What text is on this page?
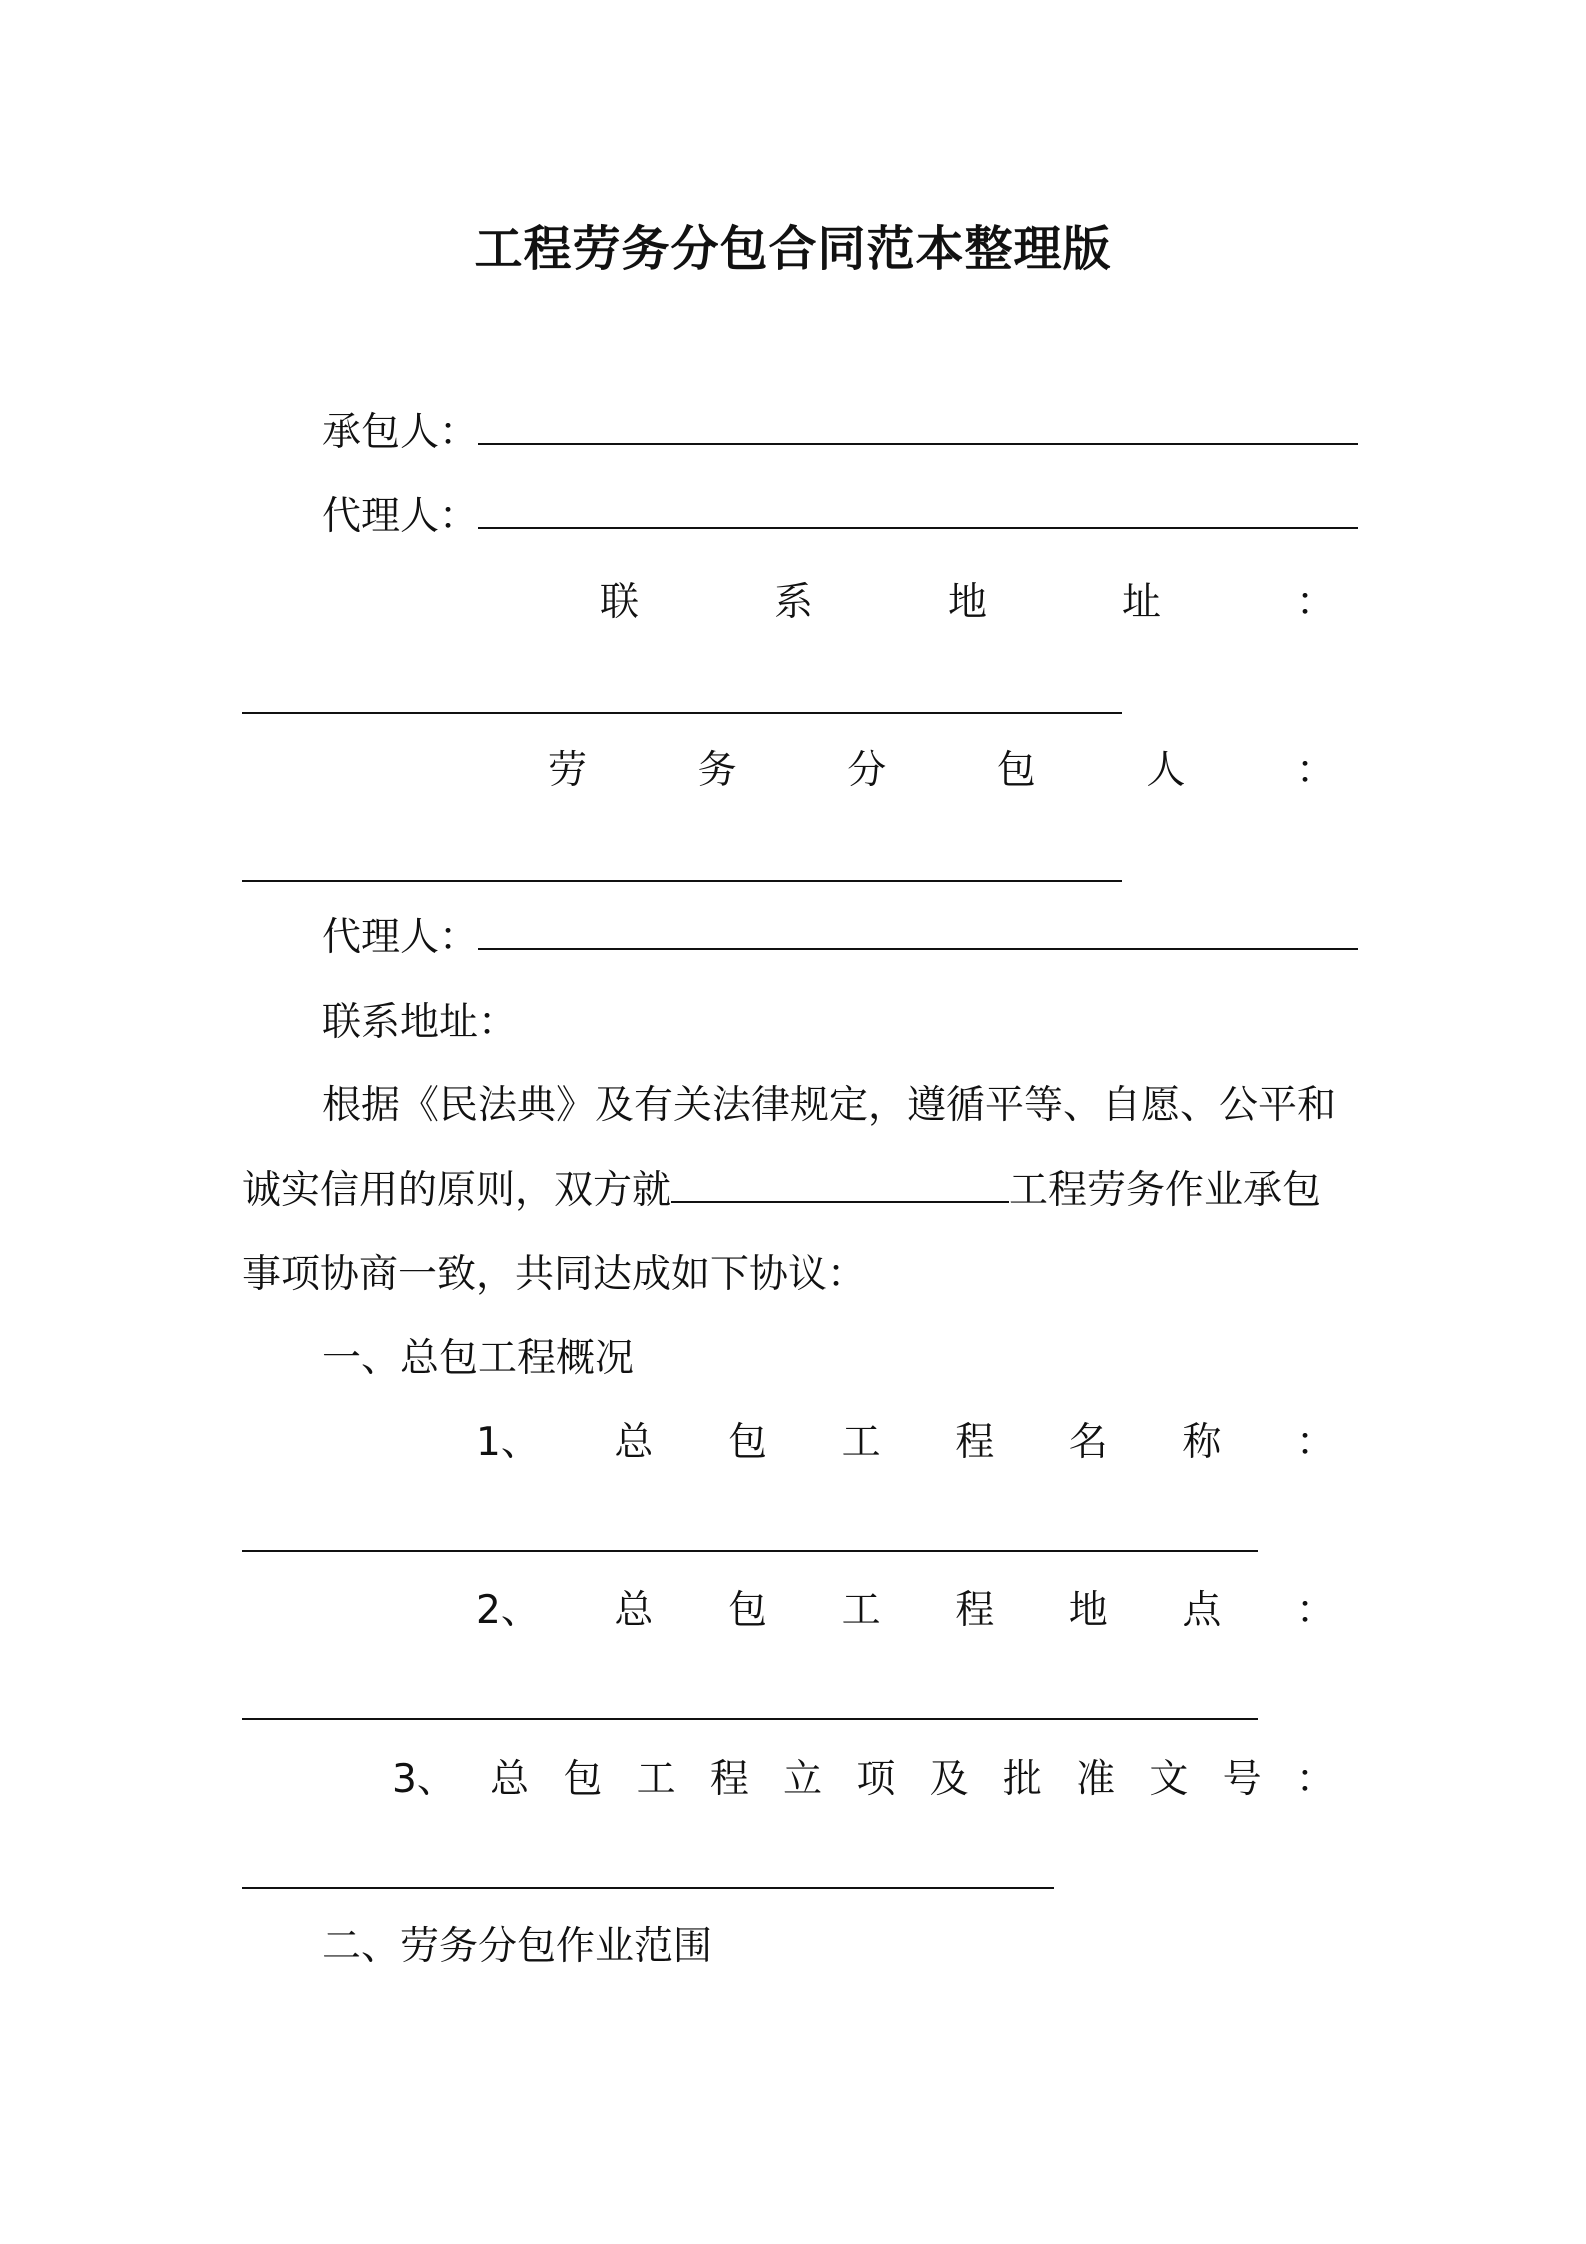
工程劳务分包合同范本整理版
承包人：
代理人：
联	系	地	址	：
劳	务	分	包	人	：
代理人：
联系地址：
根据《民法典》及有关法律规定，遵循平等、自愿、公平和
诚实信用的原则，双方就	工程劳务作业承包
事项协商一致，共同达成如下协议：
一、总包工程概况
1、 总 包 工 程 名 称 ：
2、 总 包 工 程 地 点 ：
3、 总 包 工 程 立 项 及 批 准 文 号 ：
二、劳务分包作业范围
